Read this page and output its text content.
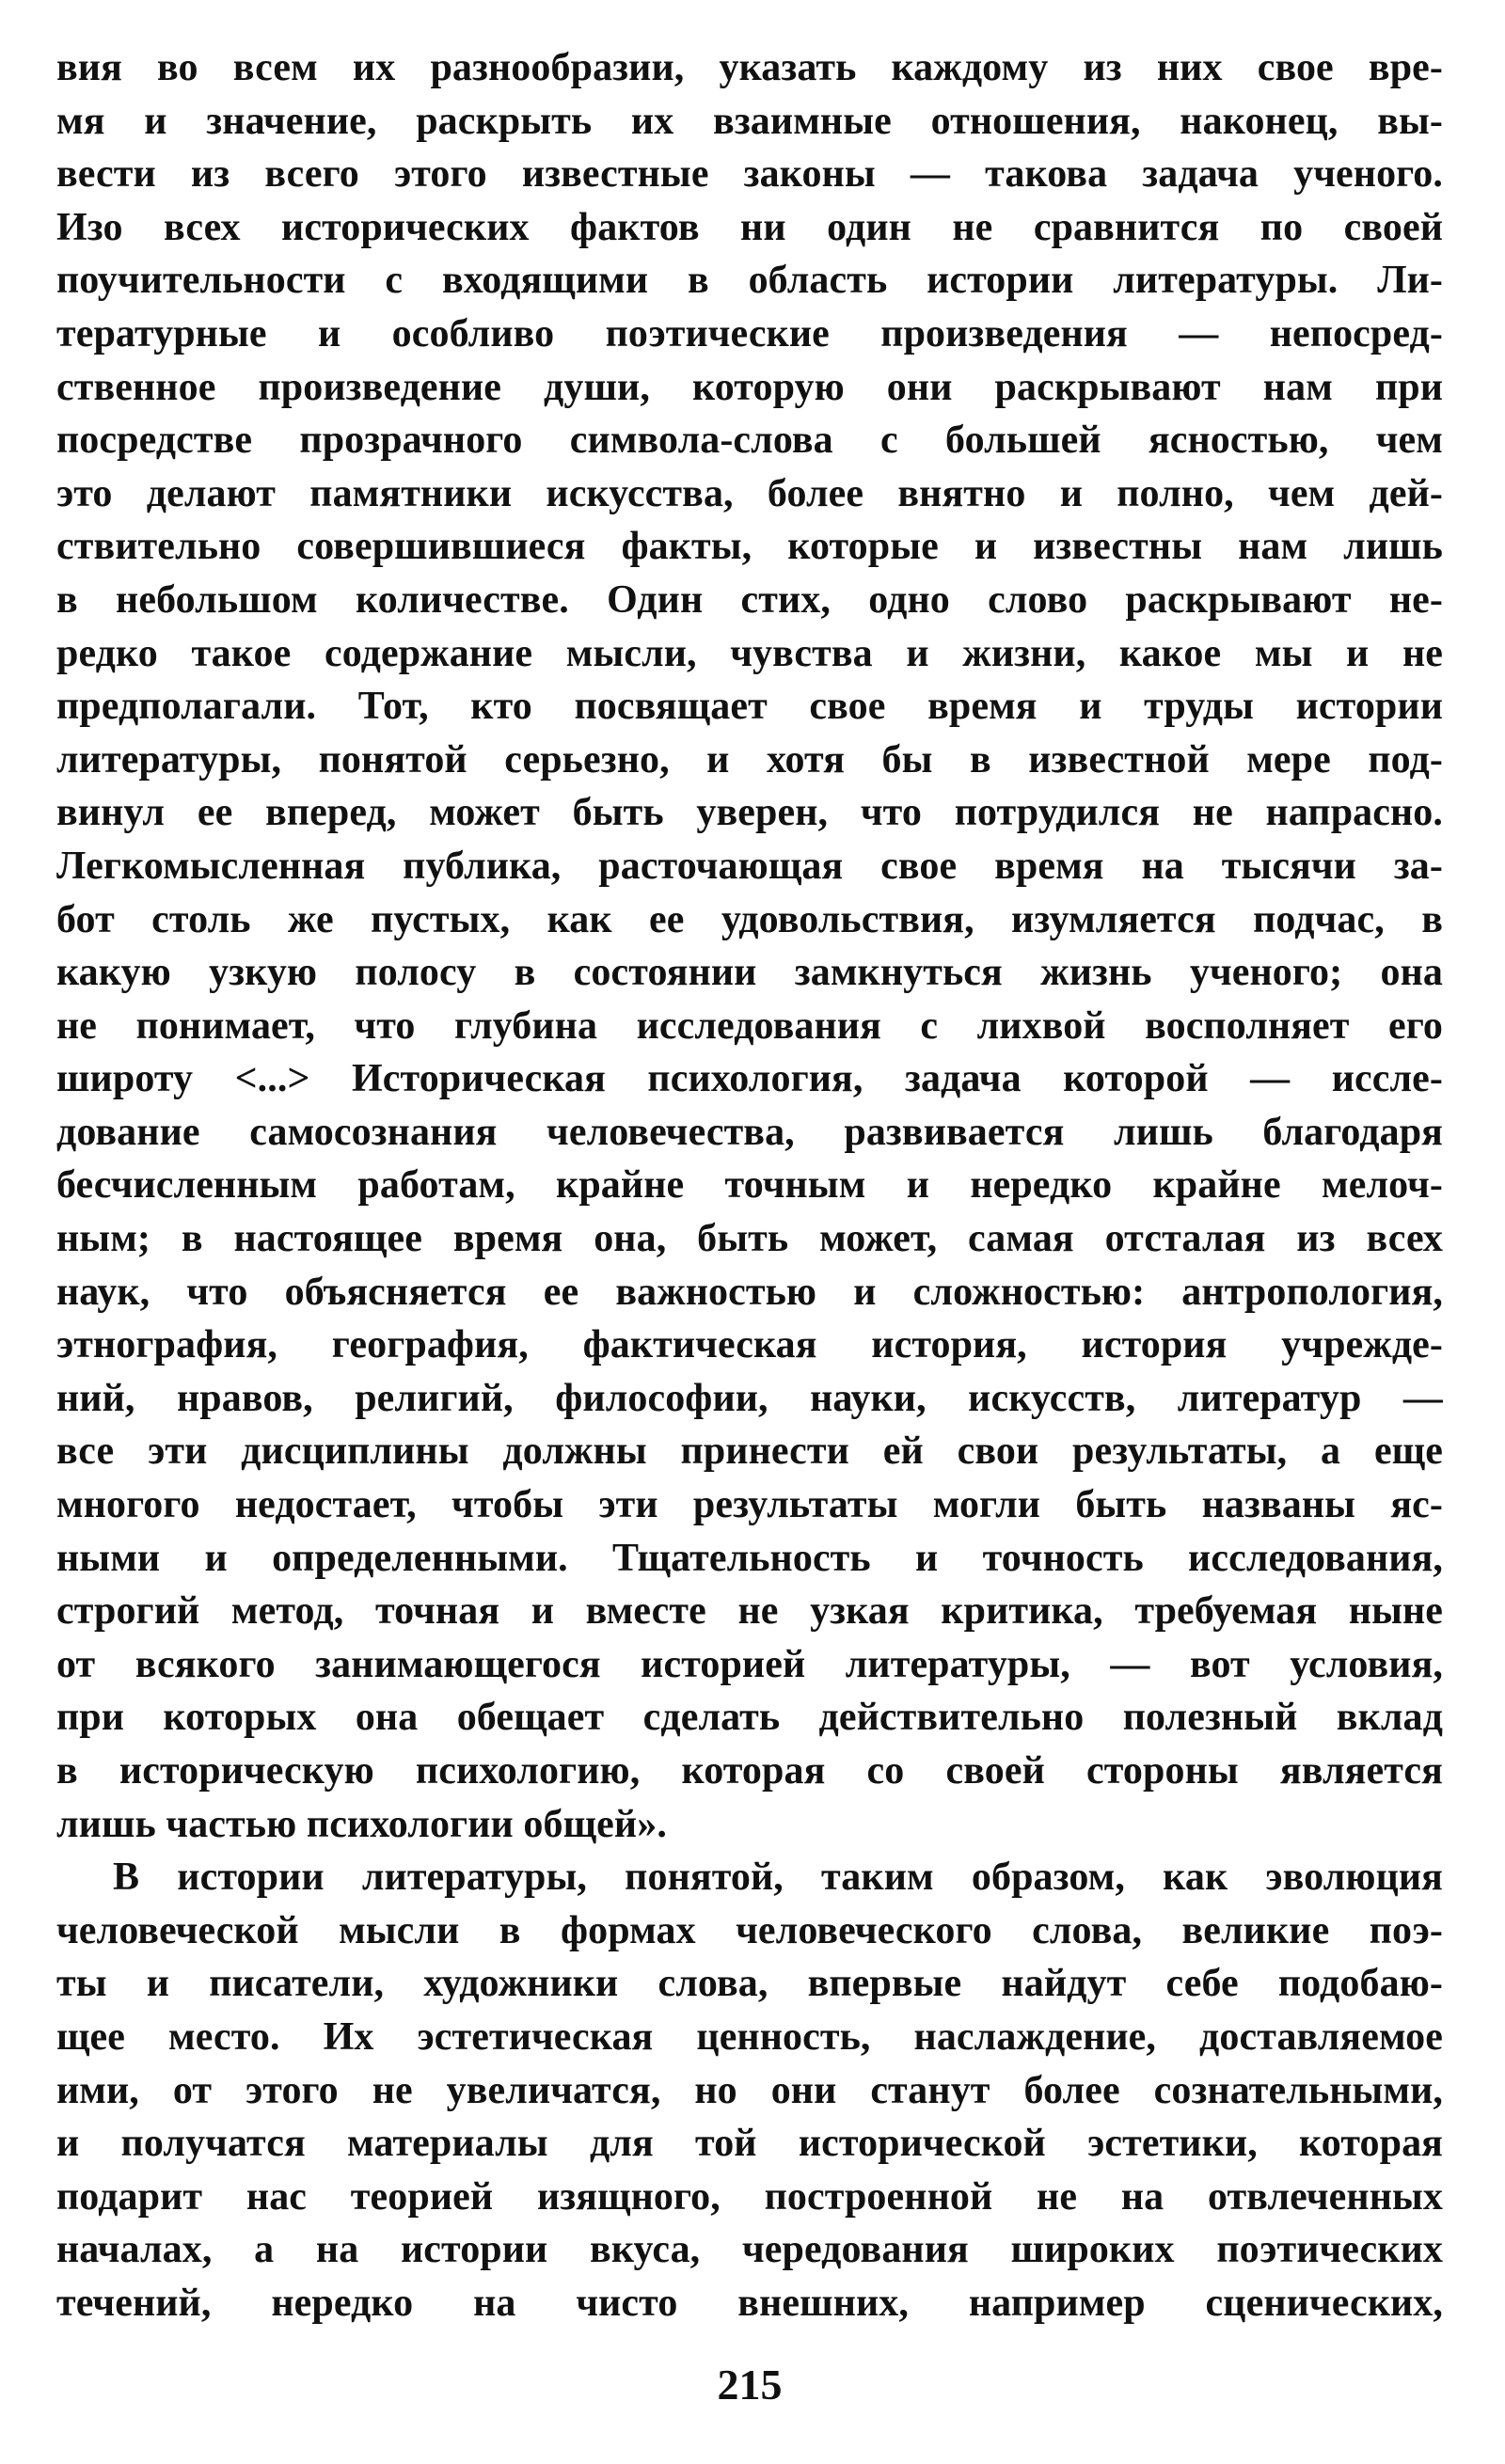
вия во всем их разнообразии, указать каждому из них свое вре-
мя и значение, раскрыть их взаимные отношения, наконец, вы-
вести из всего этого известные законы — такова задача ученого.
Изо всех исторических фактов ни один не сравнится по своей
поучительности с входящими в область истории литературы. Ли-
тературные и особливо поэтические произведения — непосред-
ственное произведение души, которую они раскрывают нам при
посредстве прозрачного символа-слова с большей ясностью, чем
это делают памятники искусства, более внятно и полно, чем дей-
ствительно совершившиеся факты, которые и известны нам лишь
в небольшом количестве. Один стих, одно слово раскрывают не-
редко такое содержание мысли, чувства и жизни, какое мы и не
предполагали. Тот, кто посвящает свое время и труды истории
литературы, понятой серьезно, и хотя бы в известной мере под-
винул ее вперед, может быть уверен, что потрудился не напрасно.
Легкомысленная публика, расточающая свое время на тысячи за-
бот столь же пустых, как ее удовольствия, изумляется подчас, в
какую узкую полосу в состоянии замкнуться жизнь ученого; она
не понимает, что глубина исследования с лихвой восполняет его
широту <...> Историческая психология, задача которой — иссле-
дование самосознания человечества, развивается лишь благодаря
бесчисленным работам, крайне точным и нередко крайне мелоч-
ным; в настоящее время она, быть может, самая отсталая из всех
наук, что объясняется ее важностью и сложностью: антропология,
этнография, география, фактическая история, история учрежде-
ний, нравов, религий, философии, науки, искусств, литератур —
все эти дисциплины должны принести ей свои результаты, а еще
многого недостает, чтобы эти результаты могли быть названы яс-
ными и определенными. Тщательность и точность исследования,
строгий метод, точная и вместе не узкая критика, требуемая ныне
от всякого занимающегося историей литературы, — вот условия,
при которых она обещает сделать действительно полезный вклад
в историческую психологию, которая со своей стороны является
лишь частью психологии общей».
В истории литературы, понятой, таким образом, как эволюция
человеческой мысли в формах человеческого слова, великие поэ-
ты и писатели, художники слова, впервые найдут себе подобаю-
щее место. Их эстетическая ценность, наслаждение, доставляемое
ими, от этого не увеличатся, но они станут более сознательными,
и получатся материалы для той исторической эстетики, которая
подарит нас теорией изящного, построенной не на отвлеченных
началах, а на истории вкуса, чередования широких поэтических
течений, нередко на чисто внешних, например сценических,
215
